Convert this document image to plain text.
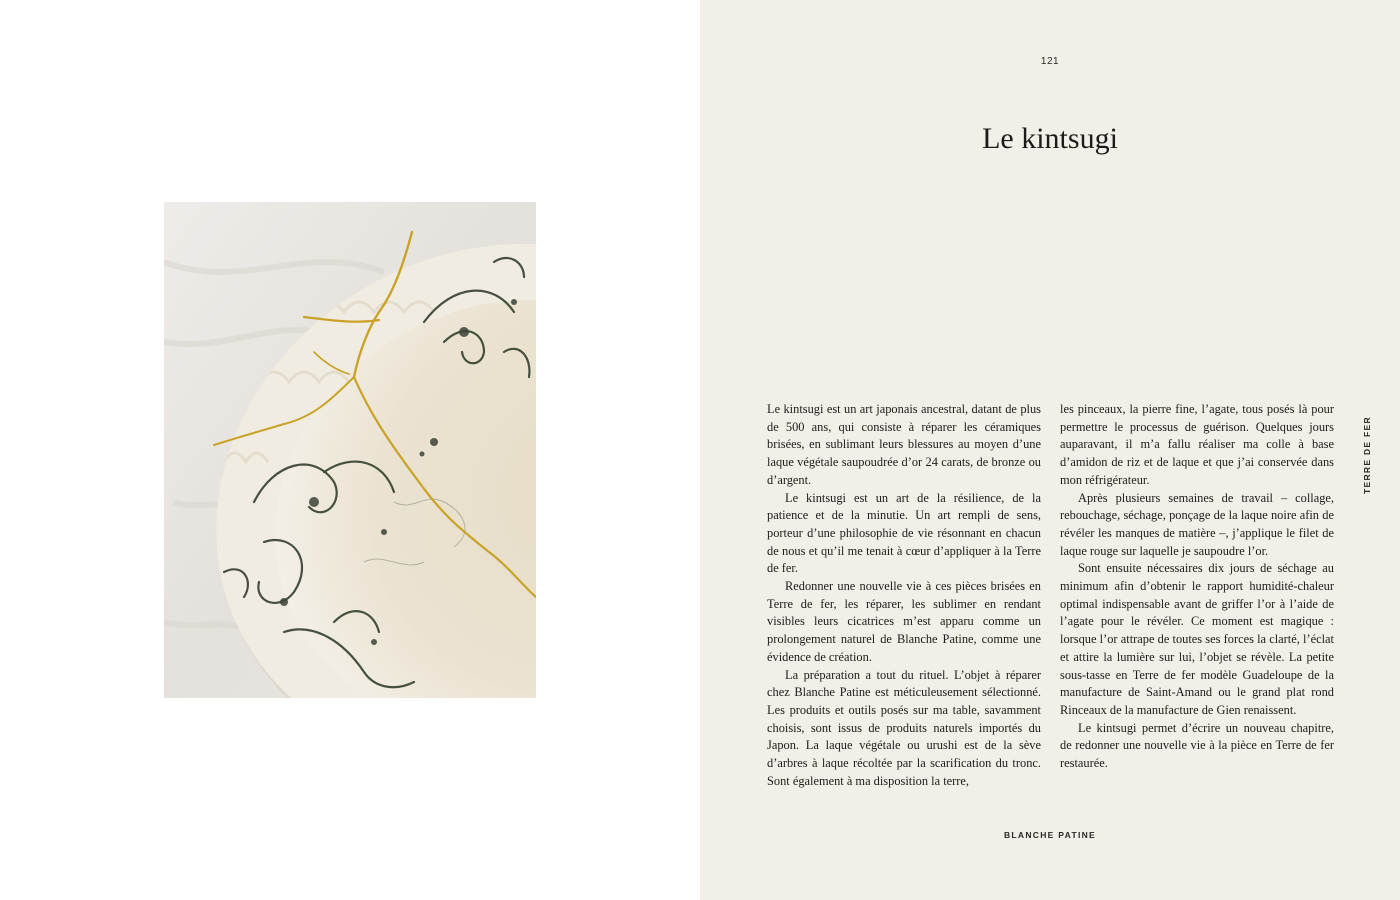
121
Le kintsugi

Le kintsugi est un art japonais ancestral, datant de plus de 500 ans, qui consiste à réparer les céramiques brisées, en sublimant leurs blessures au moyen d’une laque végétale saupoudrée d’or 24 carats, de bronze ou d’argent.

Le kintsugi est un art de la résilience, de la patience et de la minutie. Un art rempli de sens, porteur d’une philosophie de vie résonnant en chacun de nous et qu’il me tenait à cœur d’appliquer à la Terre de fer.

Redonner une nouvelle vie à ces pièces brisées en Terre de fer, les réparer, les sublimer en rendant visibles leurs cicatrices m’est apparu comme un prolongement naturel de Blanche Patine, comme une évidence de création.

La préparation a tout du rituel. L’objet à réparer chez Blanche Patine est méticuleusement sélectionné. Les produits et outils posés sur ma table, savamment choisis, sont issus de produits naturels importés du Japon. La laque végétale ou urushi est de la sève d’arbres à laque récoltée par la scarification du tronc. Sont également à ma disposition la terre,

les pinceaux, la pierre fine, l’agate, tous posés là pour permettre le processus de guérison. Quelques jours auparavant, il m’a fallu réaliser ma colle à base d’amidon de riz et de laque et que j’ai conservée dans mon réfrigérateur.

Après plusieurs semaines de travail – collage, rebouchage, séchage, ponçage de la laque noire afin de révéler les manques de matière –, j’applique le filet de laque rouge sur laquelle je saupoudre l’or.

Sont ensuite nécessaires dix jours de séchage au minimum afin d’obtenir le rapport humidité-chaleur optimal indispensable avant de griffer l’or à l’aide de l’agate pour le révéler. Ce moment est magique : lorsque l’or attrape de toutes ses forces la clarté, l’éclat et attire la lumière sur lui, l’objet se révèle. La petite sous-tasse en Terre de fer modèle Guadeloupe de la manufacture de Saint-Amand ou le grand plat rond Rinceaux de la manufacture de Gien renaissent.

Le kintsugi permet d’écrire un nouveau chapitre, de redonner une nouvelle vie à la pièce en Terre de fer restaurée.

TERRE DE FER
BLANCHE PATINE
